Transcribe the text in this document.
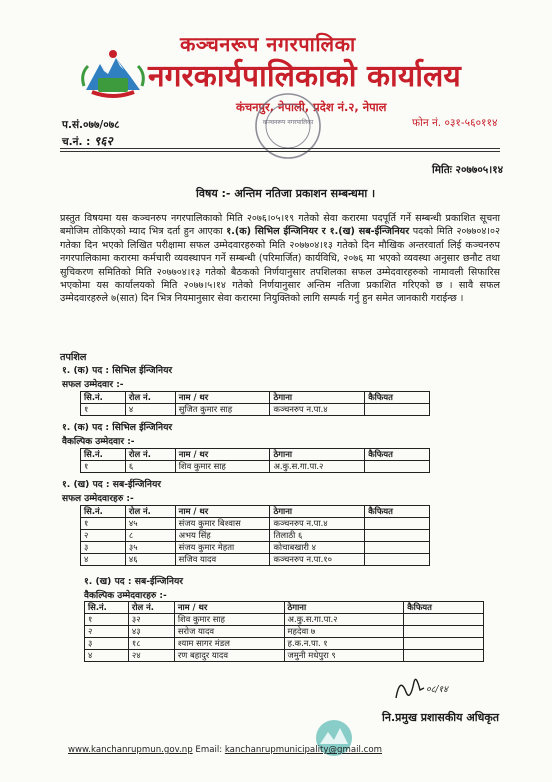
कञ्चनरूप नगरपालिका
नगरकार्यपालिकाको कार्यालय
कंचनपुर, नेपाली, प्रदेश नं.२, नेपाल
फोन नं. ०३१-५६०११४
प.सं.०७७/०७८
च.नं. : ९६२
कञ्चनरूप नगरपालिका
मितिः २०७७०५।१४
विषय :- अन्तिम नतिजा प्रकाशन सम्बन्धमा ।
प्रस्तुत विषयमा यस कञ्चनरुप नगरपालिकाको मिति २०७६।०५।१९ गतेको सेवा करारमा पदपूर्ति गर्ने सम्बन्धी प्रकाशित सूचना बमोजिम तोकिएको म्याद भित्र दर्ता हुन आएका १.(क) सिभिल ईन्जिनियर र १.(ख) सब-ईन्जिनियर पदको मिति २०७७०४।०२ गतेका दिन भएको लिखित परीक्षामा सफल उम्मेदवारहरुको मिति २०७७०४।१३ गतेको दिन मौखिक अन्तरवार्ता लिई कञ्चनरुप नगरपालिकामा करारमा कर्मचारी व्यवस्थापन गर्ने सम्बन्धी (परिमार्जित) कार्यविधि, २०७६ मा भएको व्यवस्था अनुसार छनौट तथा सुचिकरण समितिको मिति २०७७०४।१३ गतेको बैठकको निर्णयानुसार तपशिलका सफल उम्मेदवारहरुको नामावली सिफारिस भएकोमा यस कार्यालयको मिति २०७७।५।१४ गतेको निर्णयानुसार अन्तिम नतिजा प्रकाशित गरिएको छ । सावै सफल उम्मेदवारहरुले ७(सात) दिन भित्र नियमानुसार सेवा करारमा नियुक्तिको लागि सम्पर्क गर्नु हुन समेत जानकारी गराईन्छ ।
तपशिल
१. (क) पद : सिभिल ईन्जिनियर
सफल उम्मेदवार :-
सि.नं.	रोल नं.	नाम / थर	ठेगाना	कैफियत
१	४	सुजित कुमार साह	कञ्चनरुप न.पा.४	
१. (क) पद : सिभिल ईन्जिनियर
वैकल्पिक उम्मेदवार :-
सि.नं.	रोल नं.	नाम / थर	ठेगाना	कैफियत
१	६	शिव कुमार साह	अ.कु.स.गा.पा.२	
१. (ख) पद : सब-ईन्जिनियर
सफल उम्मेदवारहरु :-
सि.नं.	रोल नं.	नाम / थर	ठेगाना	कैफियत
१	४५	संजय कुमार बिश्वास	कञ्चनरुप न.पा.४	
२	८	अभय सिंह	तिलाठी ६	
३	३५	संजय कुमार मेहता	कोचाबखारी ४	
४	४६	सजिव यादव	कञ्चनरुप न.पा.१०	
१. (ख) पद : सब-ईन्जिनियर
वैकल्पिक उम्मेदवारहरु :-
सि.नं.	रोल नं.	नाम / थर	ठेगाना	कैफियत
१	३२	शिव कुमार साह	अ.कु.स.गा.पा.२	
२	४३	सरोज यादव	महदेवा ७	
३	१८	श्याम सागर मंडल	ह.क.न.पा. १	
४	२४	रण बहादुर यादव	जमुनी मधेपुरा ९	
०८/१४
नि.प्रमुख प्रशासकीय अधिकृत
www.kanchanrupmun.gov.np Email: kanchanrupmunicipality@gmail.com
